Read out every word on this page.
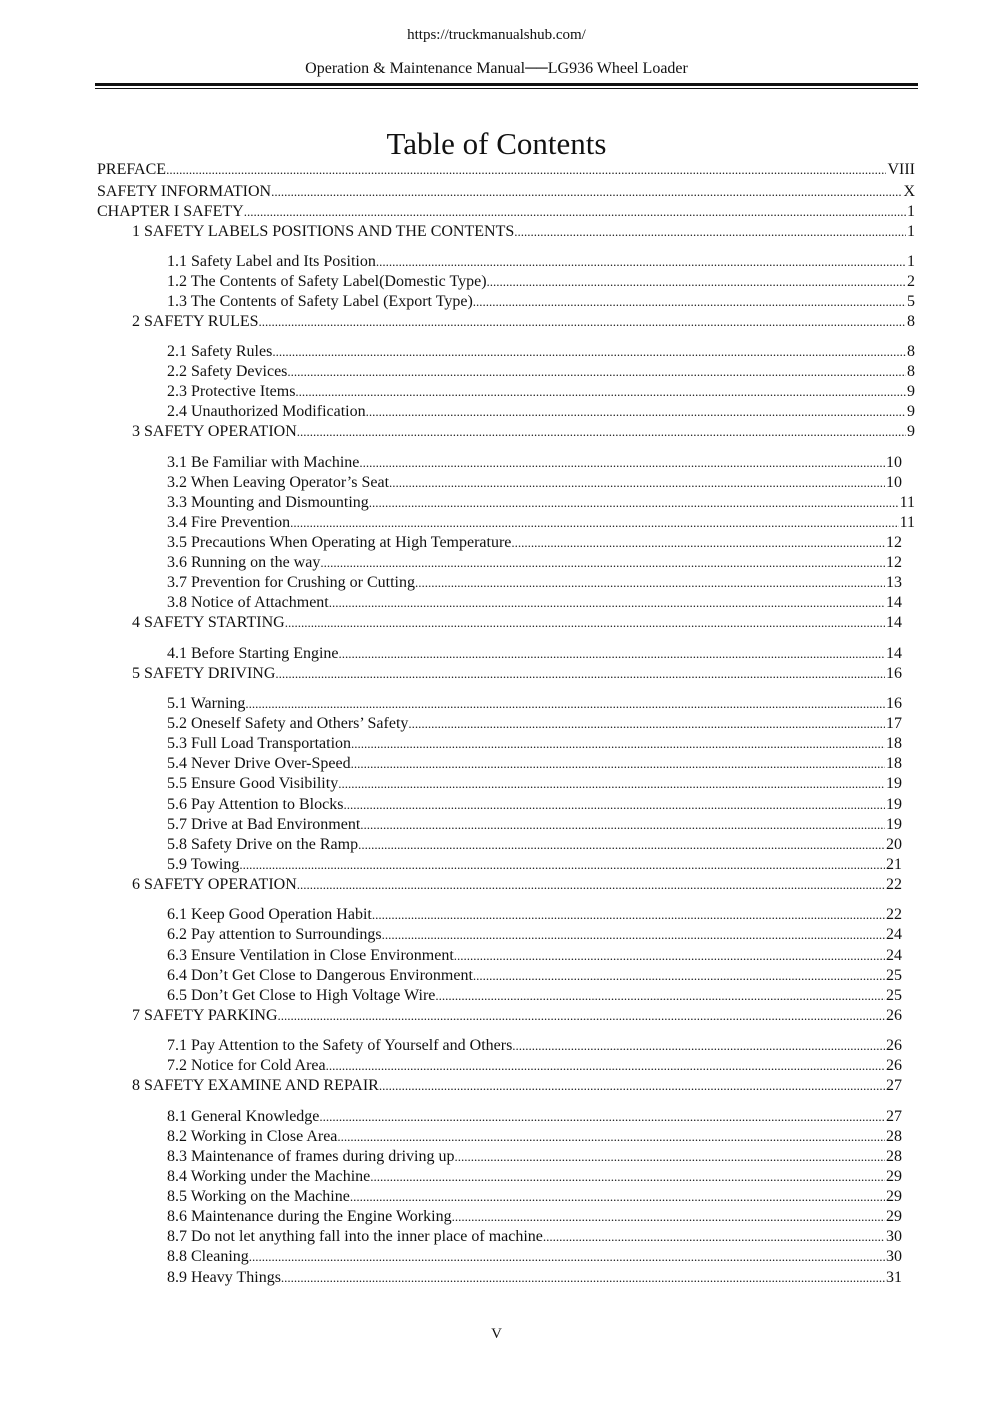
https://truckmanualshub.com/
Operation & Maintenance Manual──LG936 Wheel Loader
Table of Contents
PREFACE .....	VIII
SAFETY INFORMATION .....	X
CHAPTER I SAFETY .....	1
1 SAFETY LABELS POSITIONS AND THE CONTENTS .....	1
1.1 Safety Label and Its Position .....	1
1.2 The Contents of Safety Label(Domestic Type) .....	2
1.3 The Contents of Safety Label (Export Type) .....	5
2 SAFETY RULES .....	8
2.1 Safety Rules .....	8
2.2 Safety Devices .....	8
2.3 Protective Items .....	9
2.4 Unauthorized Modification .....	9
3 SAFETY OPERATION .....	9
3.1 Be Familiar with Machine .....	10
3.2 When Leaving Operator’s Seat .....	10
3.3 Mounting and Dismounting .....	11
3.4 Fire Prevention .....	11
3.5 Precautions When Operating at High Temperature .....	12
3.6 Running on the way .....	12
3.7 Prevention for Crushing or Cutting .....	13
3.8 Notice of Attachment .....	14
4 SAFETY STARTING .....	14
4.1 Before Starting Engine .....	14
5 SAFETY DRIVING .....	16
5.1 Warning .....	16
5.2 Oneself Safety and Others’ Safety .....	17
5.3 Full Load Transportation .....	18
5.4 Never Drive Over-Speed .....	18
5.5 Ensure Good Visibility .....	19
5.6 Pay Attention to Blocks .....	19
5.7 Drive at Bad Environment .....	19
5.8 Safety Drive on the Ramp .....	20
5.9 Towing .....	21
6 SAFETY OPERATION .....	22
6.1 Keep Good Operation Habit .....	22
6.2 Pay attention to Surroundings .....	24
6.3 Ensure Ventilation in Close Environment .....	24
6.4 Don’t Get Close to Dangerous Environment .....	25
6.5 Don’t Get Close to High Voltage Wire .....	25
7 SAFETY PARKING .....	26
7.1 Pay Attention to the Safety of Yourself and Others .....	26
7.2 Notice for Cold Area .....	26
8 SAFETY EXAMINE AND REPAIR .....	27
8.1 General Knowledge .....	27
8.2 Working in Close Area .....	28
8.3 Maintenance of frames during driving up .....	28
8.4 Working under the Machine .....	29
8.5 Working on the Machine .....	29
8.6 Maintenance during the Engine Working .....	29
8.7 Do not let anything fall into the inner place of machine .....	30
8.8 Cleaning .....	30
8.9 Heavy Things .....	31
V
